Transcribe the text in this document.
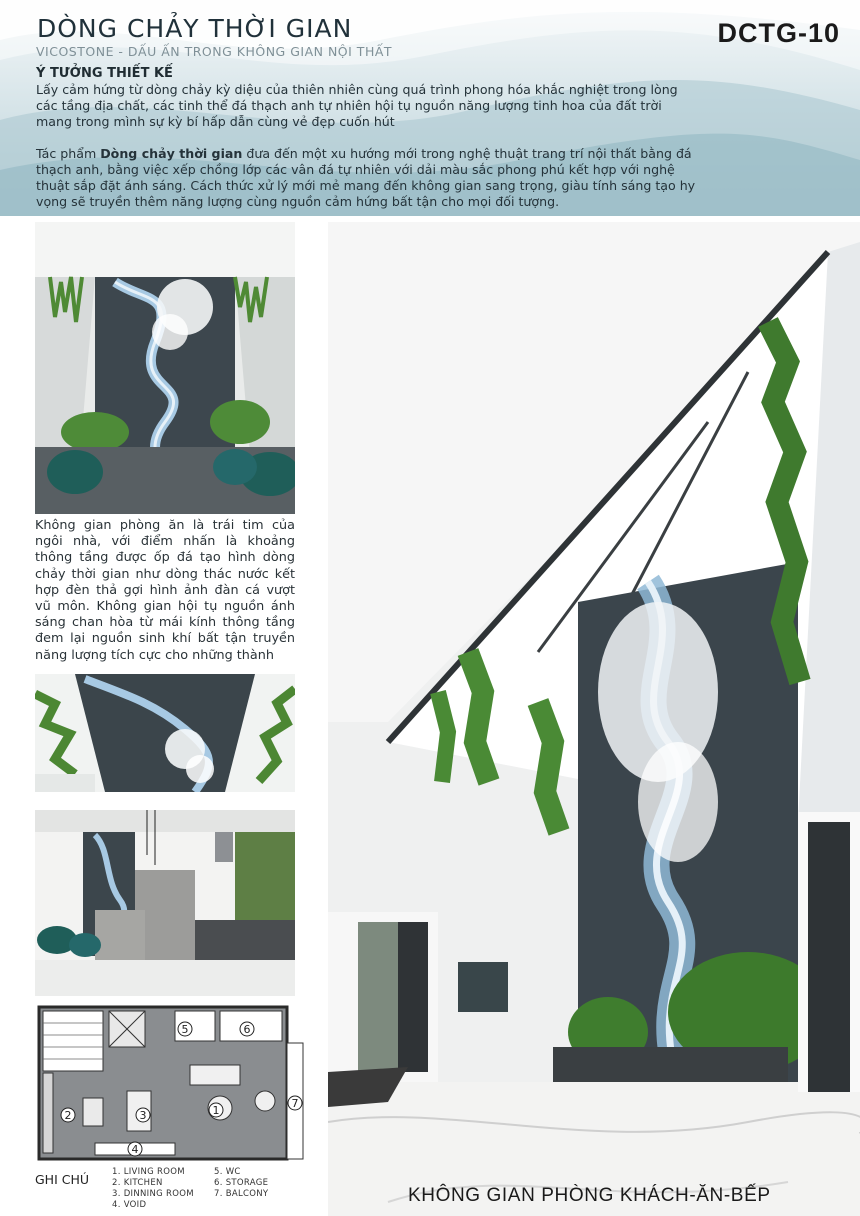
DÒNG CHẢY THỜI GIAN
VICOSTONE - DẤU ẤN TRONG KHÔNG GIAN NỘI THẤT
DCTG-10
Ý TƯỞNG THIẾT KẾ
Lấy cảm hứng từ dòng chảy kỳ diệu của thiên nhiên cùng quá trình phong hóa khắc nghiệt trong lòng các tầng địa chất, các tinh thể đá thạch anh tự nhiên hội tụ nguồn năng lượng tinh hoa của đất trời mang trong mình sự kỳ bí hấp dẫn cùng vẻ đẹp cuốn hút
Tác phẩm Dòng chảy thời gian đưa đến một xu hướng mới trong nghệ thuật trang trí nội thất bằng đá thạch anh, bằng việc xếp chồng lớp các vân đá tự nhiên với dải màu sắc phong phú kết hợp với nghệ thuật sắp đặt ánh sáng. Cách thức xử lý mới mẻ mang đến không gian sang trọng, giàu tính sáng tạo hy vọng sẽ truyền thêm năng lượng cùng nguồn cảm hứng bất tận cho mọi đối tượng.
Không gian phòng ăn là trái tim của ngôi nhà, với điểm nhấn là khoảng thông tầng được ốp đá tạo hình dòng chảy thời gian như dòng thác nước kết hợp đèn thả gợi hình ảnh đàn cá vượt vũ môn. Không gian hội tụ nguồn ánh sáng chan hòa từ mái kính thông tầng đem lại nguồn sinh khí bất tận truyền năng lượng tích cực cho những thành
1
2	3
4
5	6
7
GHI CHÚ	1. LIVING ROOM
2. KITCHEN
3. DINNING ROOM
4. VOID
5. WC
6. STORAGE
7. BALCONY	KHÔNG GIAN PHÒNG KHÁCH-ĂN-BẾP
